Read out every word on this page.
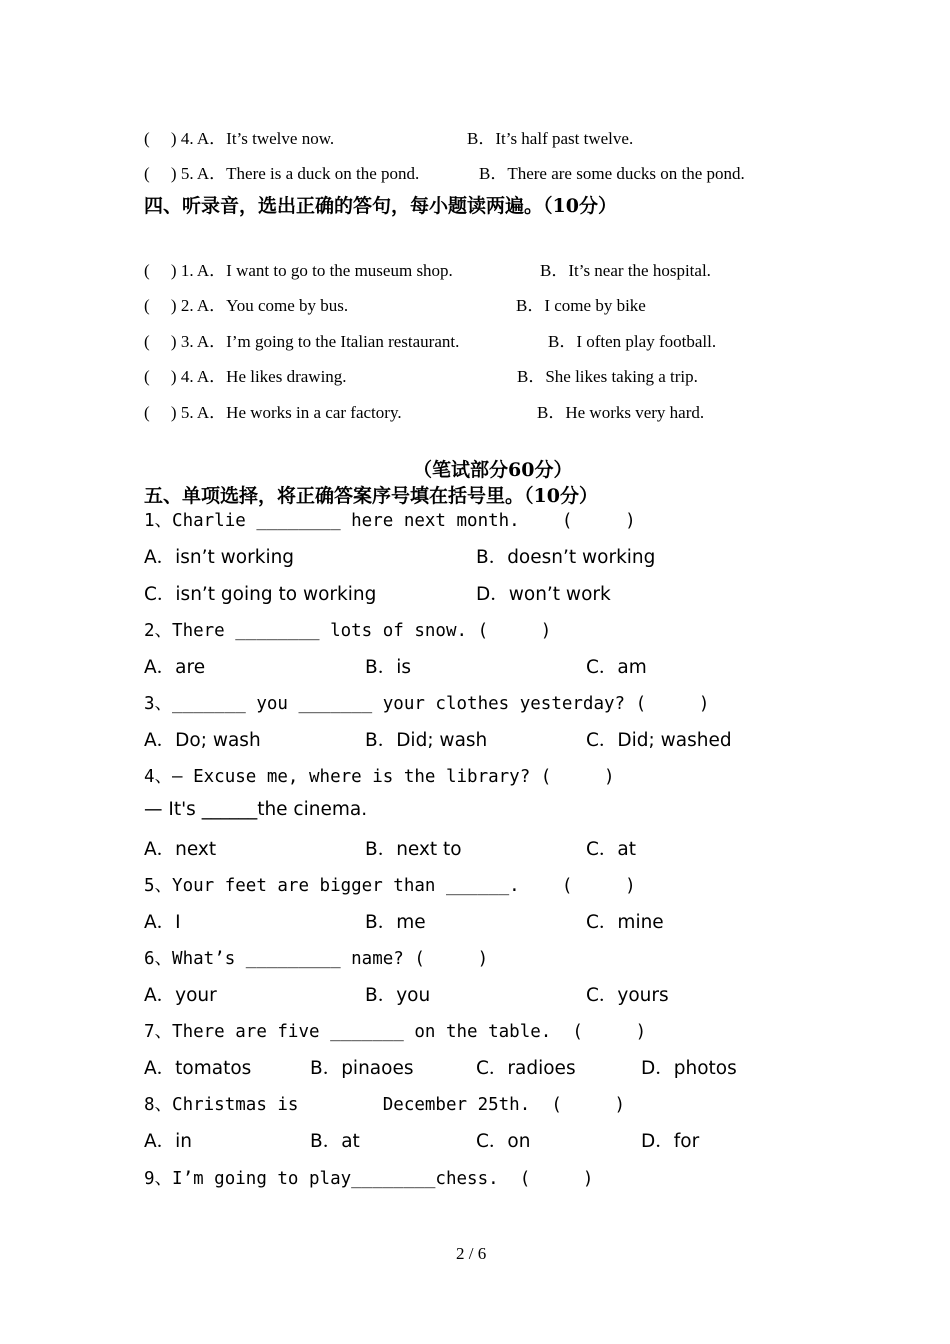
(     ) 4. A．It’s twelve now.	B．It’s half past twelve.
(     ) 5. A．There is a duck on the pond.	B．There are some ducks on the pond.
四、听录音，选出正确的答句，每小题读两遍。（10分）
(     ) 1. A．I want to go to the museum shop.	B．It’s near the hospital.
(     ) 2. A．You come by bus.	B．I come by bike
(     ) 3. A．I’m going to the Italian restaurant.	B．I often play football.
(     ) 4. A．He likes drawing.	B．She likes taking a trip.
(     ) 5. A．He works in a car factory.	B．He works very hard.
（笔试部分60分）
五、单项选择，将正确答案序号填在括号里。（10分）
1、Charlie ________ here next month.    (     )
A．isn’t working	B．doesn’t working
C．isn’t going to working	D．won’t work
2、There ________ lots of snow. (     )
A．are	B．is	C．am
3、_______ you _______ your clothes yesterday? (     )
A．Do; wash	B．Did; wash	C．Did; washed
4、— Excuse me, where is the library? (     )
— It's ______the cinema.
A．next	B．next to	C．at
5、Your feet are bigger than ______.    (     )
A．I	B．me	C．mine
6、What’s _________ name? (     )
A．your	B．you	C．yours
7、There are five _______ on the table.  (     )
A．tomatos	B．pinaoes	C．radioes	D．photos
8、Christmas is        December 25th.  (     )
A．in	B．at	C．on	D．for
9、I’m going to play________chess.  (     )
2 / 6
